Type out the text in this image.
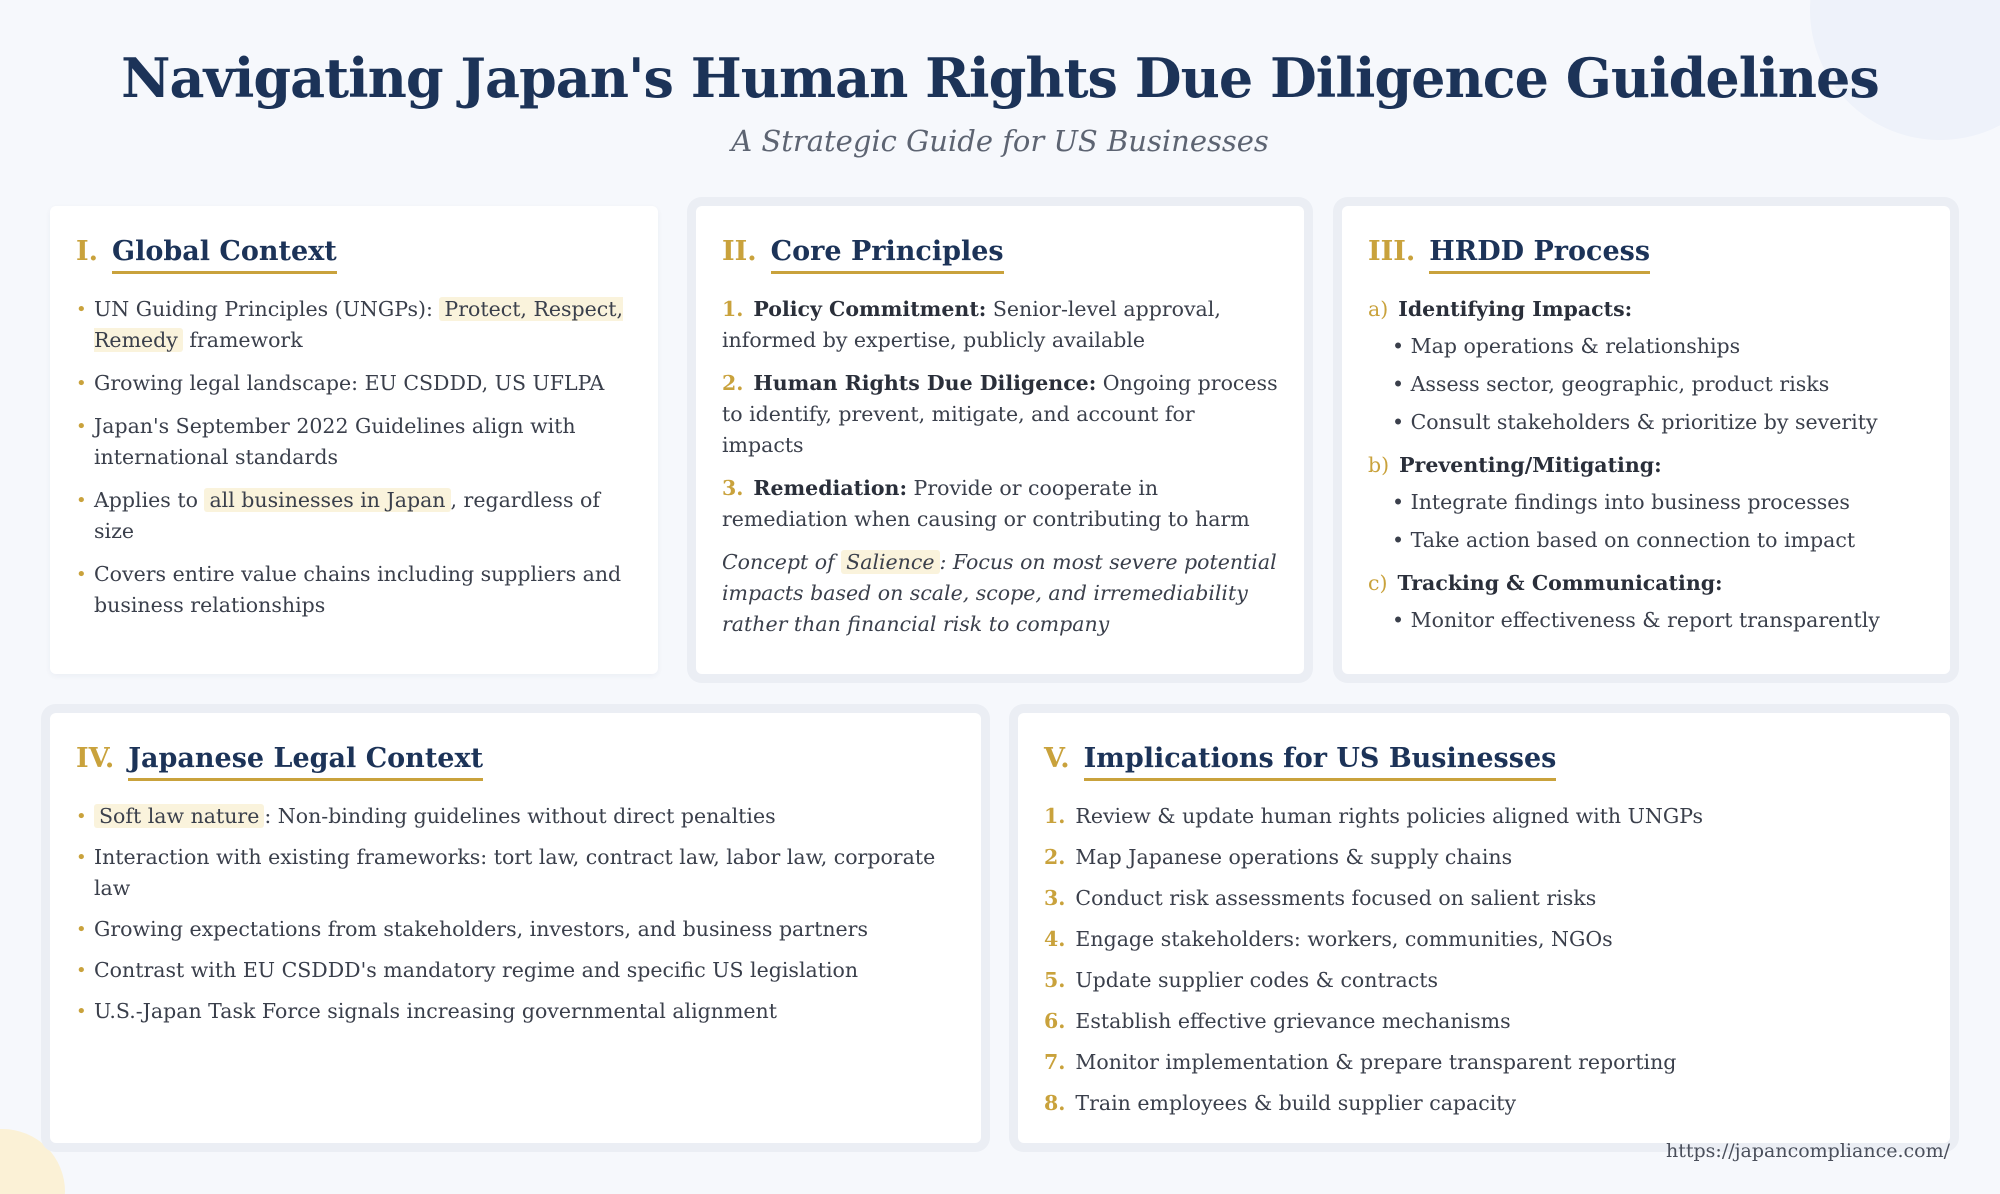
Navigating Japan's Human Rights Due Diligence Guidelines
A Strategic Guide for US Businesses
I. Global Context
• UN Guiding Principles (UNGPs): Protect, Respect, Remedy framework
• Growing legal landscape: EU CSDDD, US UFLPA
• Japan's September 2022 Guidelines align with international standards
• Applies to all businesses in Japan , regardless of size
• Covers entire value chains including suppliers and business relationships
II. Core Principles
1. Policy Commitment: Senior-level approval, informed by expertise, publicly available
2. Human Rights Due Diligence: Ongoing process to identify, prevent, mitigate, and account for impacts
3. Remediation: Provide or cooperate in remediation when causing or contributing to harm

Concept of Salience : Focus on most severe potential impacts based on scale, scope, and irremediability rather than financial risk to company

III. HRDD Process
a) Identifying Impacts:
• Map operations & relationships
• Assess sector, geographic, product risks
• Consult stakeholders & prioritize by severity
b) Preventing/Mitigating:
• Integrate findings into business processes
• Take action based on connection to impact
c) Tracking & Communicating:
• Monitor effectiveness & report transparently
IV. Japanese Legal Context
• Soft law nature : Non-binding guidelines without direct penalties
• Interaction with existing frameworks: tort law, contract law, labor law, corporate law
• Growing expectations from stakeholders, investors, and business partners
• Contrast with EU CSDDD's mandatory regime and specific US legislation
• U.S.-Japan Task Force signals increasing governmental alignment
V. Implications for US Businesses
1. Review & update human rights policies aligned with UNGPs
2. Map Japanese operations & supply chains
3. Conduct risk assessments focused on salient risks
4. Engage stakeholders: workers, communities, NGOs
5. Update supplier codes & contracts
6. Establish effective grievance mechanisms
7. Monitor implementation & prepare transparent reporting
8. Train employees & build supplier capacity
https://japancompliance.com/
